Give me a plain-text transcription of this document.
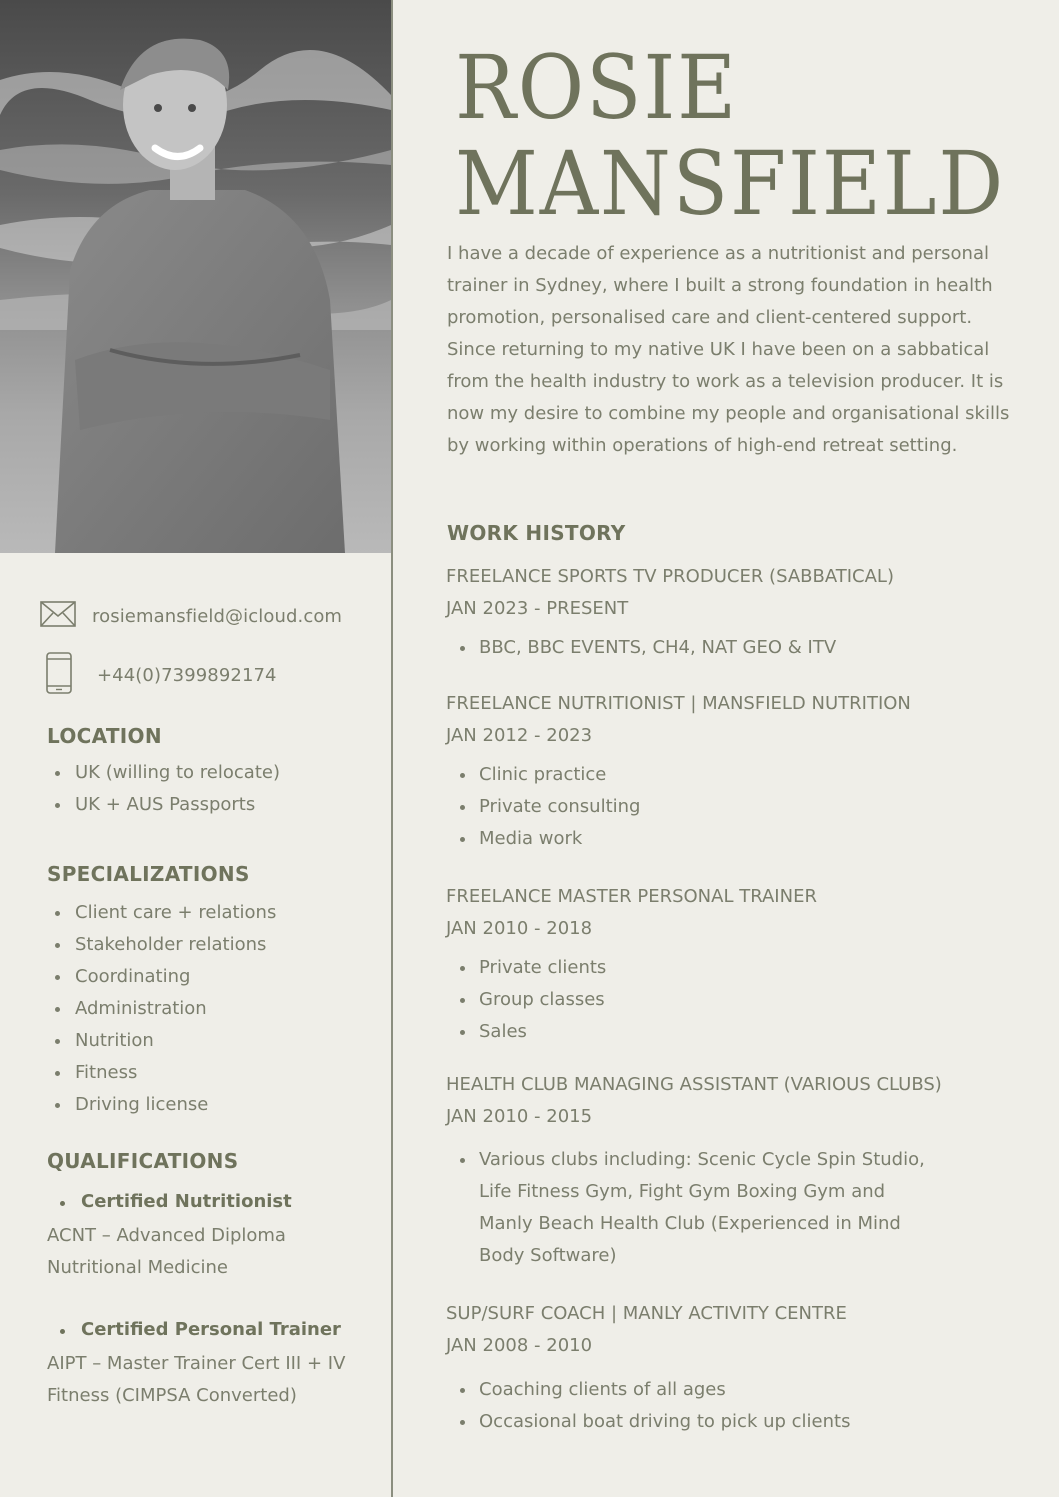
rosiemansfield@icloud.com
+44(0)7399892174
LOCATION
UK (willing to relocate)
UK + AUS Passports
SPECIALIZATIONS
Client care + relations
Stakeholder relations
Coordinating
Administration
Nutrition
Fitness
Driving license
QUALIFICATIONS
Certified Nutritionist
ACNT – Advanced Diploma Nutritional Medicine
Certified Personal Trainer
AIPT – Master Trainer Cert III + IV Fitness (CIMPSA Converted)
ROSIE
MANSFIELD

I have a decade of experience as a nutritionist and personal trainer in Sydney, where I built a strong foundation in health promotion, personalised care and client-centered support. Since returning to my native UK I have been on a sabbatical from the health industry to work as a television producer. It is now my desire to combine my people and organisational skills by working within operations of high-end retreat setting.

WORK HISTORY
FREELANCE SPORTS TV PRODUCER (SABBATICAL)
JAN 2023 - PRESENT
BBC, BBC EVENTS, CH4, NAT GEO & ITV
FREELANCE NUTRITIONIST | MANSFIELD NUTRITION
JAN 2012 - 2023
Clinic practice
Private consulting
Media work
FREELANCE MASTER PERSONAL TRAINER
JAN 2010 - 2018
Private clients
Group classes
Sales
HEALTH CLUB MANAGING ASSISTANT (VARIOUS CLUBS)
JAN 2010 - 2015
Various clubs including: Scenic Cycle Spin Studio, Life Fitness Gym, Fight Gym Boxing Gym and Manly Beach Health Club (Experienced in Mind Body Software)
SUP/SURF COACH | MANLY ACTIVITY CENTRE
JAN 2008 - 2010
Coaching clients of all ages
Occasional boat driving to pick up clients
